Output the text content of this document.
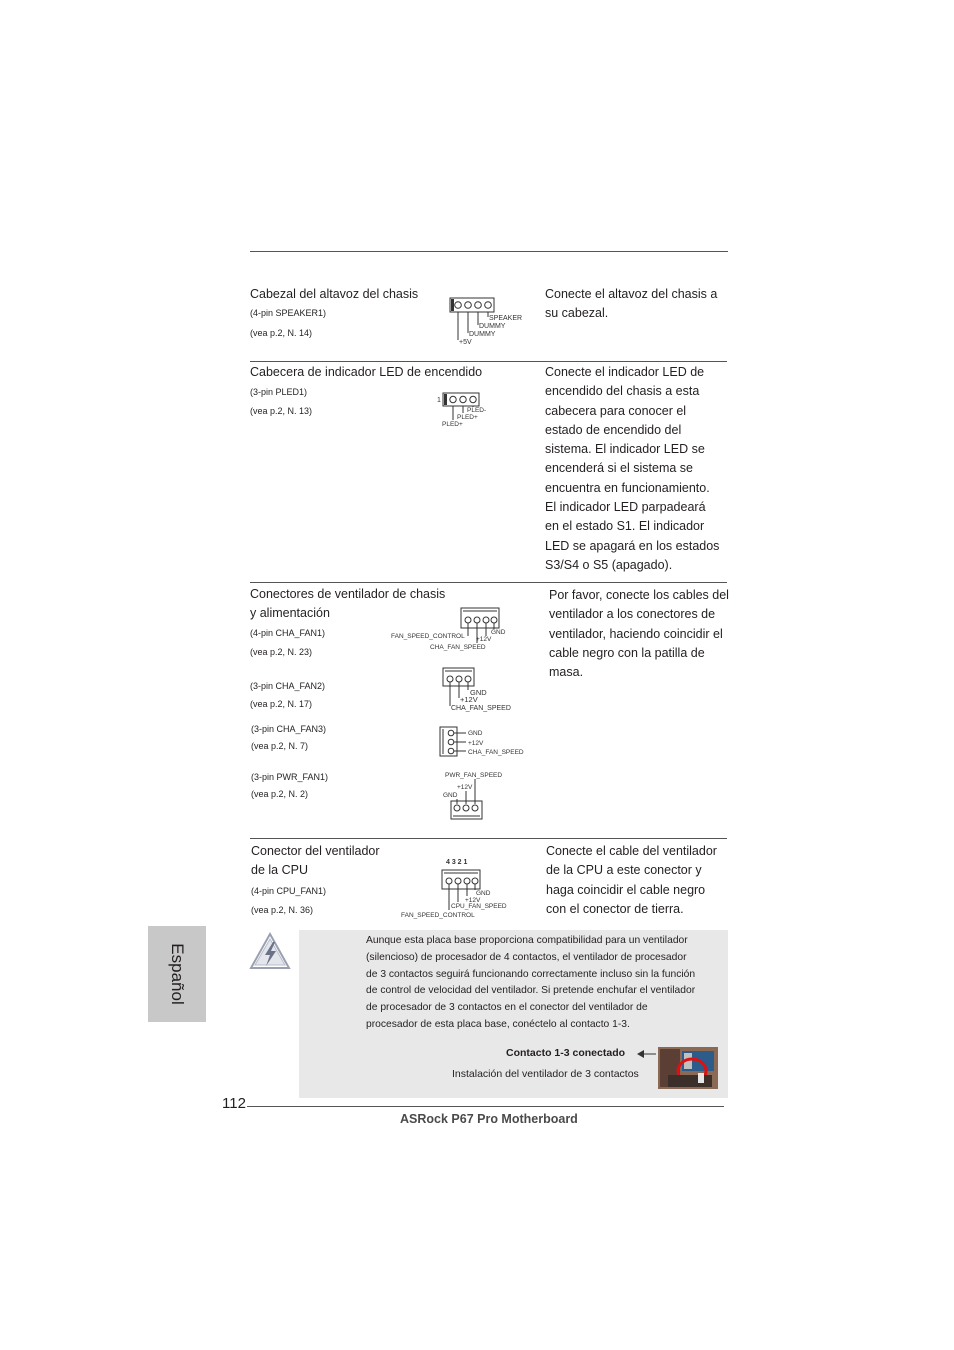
Cabezal del altavoz del chasis
(4-pin SPEAKER1)
(vea p.2, N. 14)
SPEAKER
DUMMY
DUMMY
+5V
Conecte el altavoz del chasis a
su cabezal.
Cabecera de indicador LED de encendido
(3-pin PLED1)
(vea p.2, N. 13)
1
PLED-
PLED+
PLED+
Conecte el indicador LED de
encendido del chasis a esta
cabecera para conocer el
estado de encendido del
sistema. El indicador LED se
encenderá si el sistema se
encuentra en funcionamiento.
El indicador LED parpadeará
en el estado S1. El indicador
LED se apagará en los estados
S3/S4 o S5 (apagado).
Conectores de ventilador de chasis
y alimentación
(4-pin CHA_FAN1)
(vea p.2, N. 23)
(3-pin CHA_FAN2)
(vea p.2, N. 17)
(3-pin CHA_FAN3)
(vea p.2, N. 7)
(3-pin PWR_FAN1)
(vea p.2, N. 2)
FAN_SPEED_CONTROL +12V
GND
CHA_FAN_SPEED
GND
+12V
CHA_FAN_SPEED
GND
+12V
CHA_FAN_SPEED
PWR_FAN_SPEED
+12V
GND
Por favor, conecte los cables del
ventilador a los conectores de
ventilador, haciendo coincidir el
cable negro con la patilla de
masa.
Conector del ventilador
de la CPU
(4-pin CPU_FAN1)
(vea p.2, N. 36)
4 3 2 1
GND
+12V
CPU_FAN_SPEED
FAN_SPEED_CONTROL
Conecte el cable del ventilador
de la CPU a este conector y
haga coincidir el cable negro
con el conector de tierra.
Aunque esta placa base proporciona compatibilidad para un ventilador
(silencioso) de procesador de 4 contactos, el ventilador de procesador
de 3 contactos seguirá funcionando correctamente incluso sin la función
de control de velocidad del ventilador. Si pretende enchufar el ventilador
de procesador de 3 contactos en el conector del ventilador de
procesador de esta placa base, conéctelo al contacto 1-3.
Contacto 1-3 conectado
Instalación del ventilador de 3 contactos
112
ASRock P67 Pro Motherboard
Español
